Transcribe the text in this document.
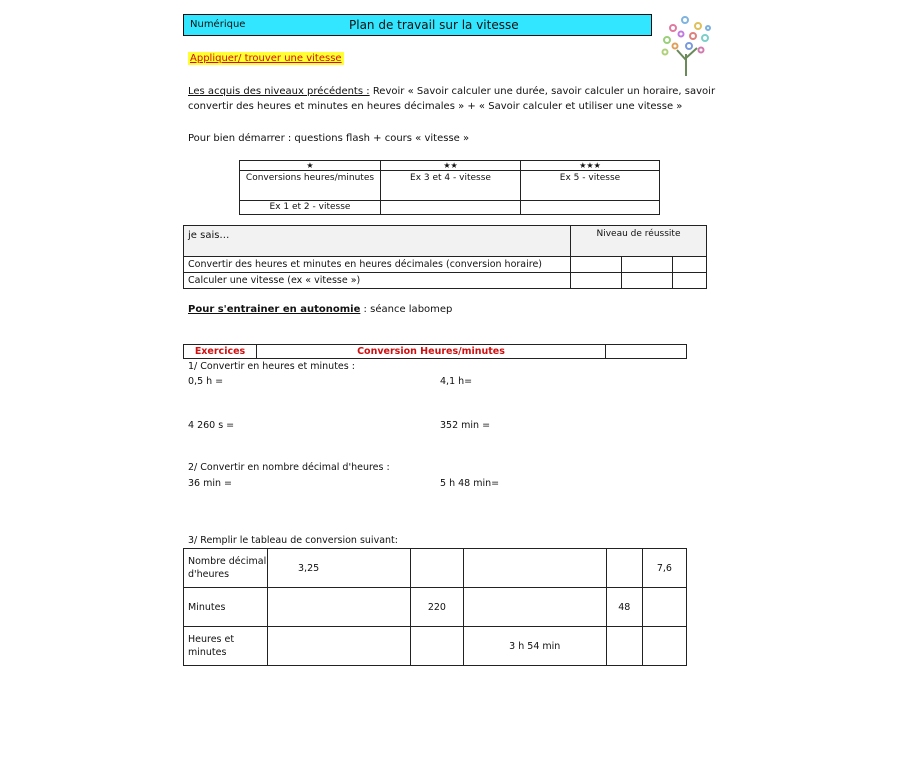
Numérique	Plan de travail sur la vitesse
Appliquer/ trouver une vitesse
Les acquis des niveaux précédents : Revoir « Savoir calculer une durée, savoir calculer un horaire, savoir
convertir des heures et minutes en heures décimales » + « Savoir calculer et utiliser une vitesse »
Pour bien démarrer : questions flash + cours « vitesse »
★	★★	★★★
Conversions heures/minutes	Ex 3 et 4 - vitesse	Ex 5 - vitesse
Ex 1 et 2 - vitesse		
je sais…	Niveau de réussite		
Convertir des heures et minutes en heures décimales (conversion horaire)			
Calculer une vitesse (ex « vitesse »)			
Pour s'entrainer en autonomie : séance labomep
Exercices	Conversion Heures/minutes	
1/ Convertir en heures et minutes :
0,5 h =	4,1 h=
4 260 s =	352 min =
2/ Convertir en nombre décimal d'heures :
36 min =	5 h 48 min=
3/ Remplir le tableau de conversion suivant:
Nombre décimal
d'heures	3,25				7,6
Minutes		220		48	
Heures et
minutes			3 h 54 min		
